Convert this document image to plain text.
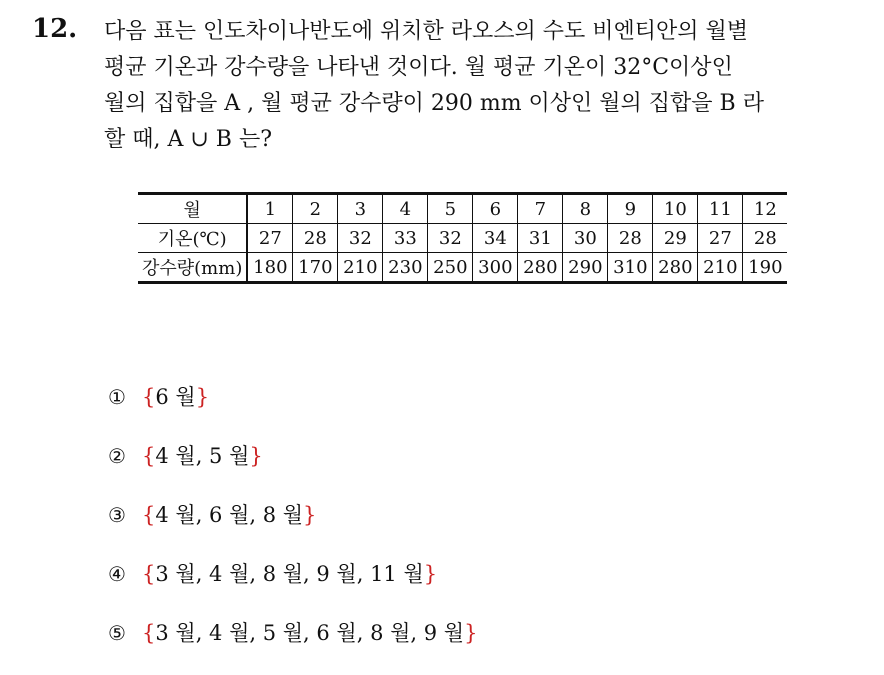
12. 다음 표는 인도차이나반도에 위치한 라오스의 수도 비엔티안의 월별
평균 기온과 강수량을 나타낸 것이다. 월 평균 기온이 32°C이상인
월의 집합을 A , 월 평균 강수량이 290 mm 이상인 월의 집합을 B 라
할 때, A ∪ B 는?

월	1	2	3	4	5	6	7	8	9	10	11	12
기온(℃)	27	28	32	33	32	34	31	30	28	29	27	28
강수량(mm)	180	170	210	230	250	300	280	290	310	280	210	190
① {6 월}
② {4 월, 5 월}
③ {4 월, 6 월, 8 월}
④ {3 월, 4 월, 8 월, 9 월, 11 월}
⑤ {3 월, 4 월, 5 월, 6 월, 8 월, 9 월}
